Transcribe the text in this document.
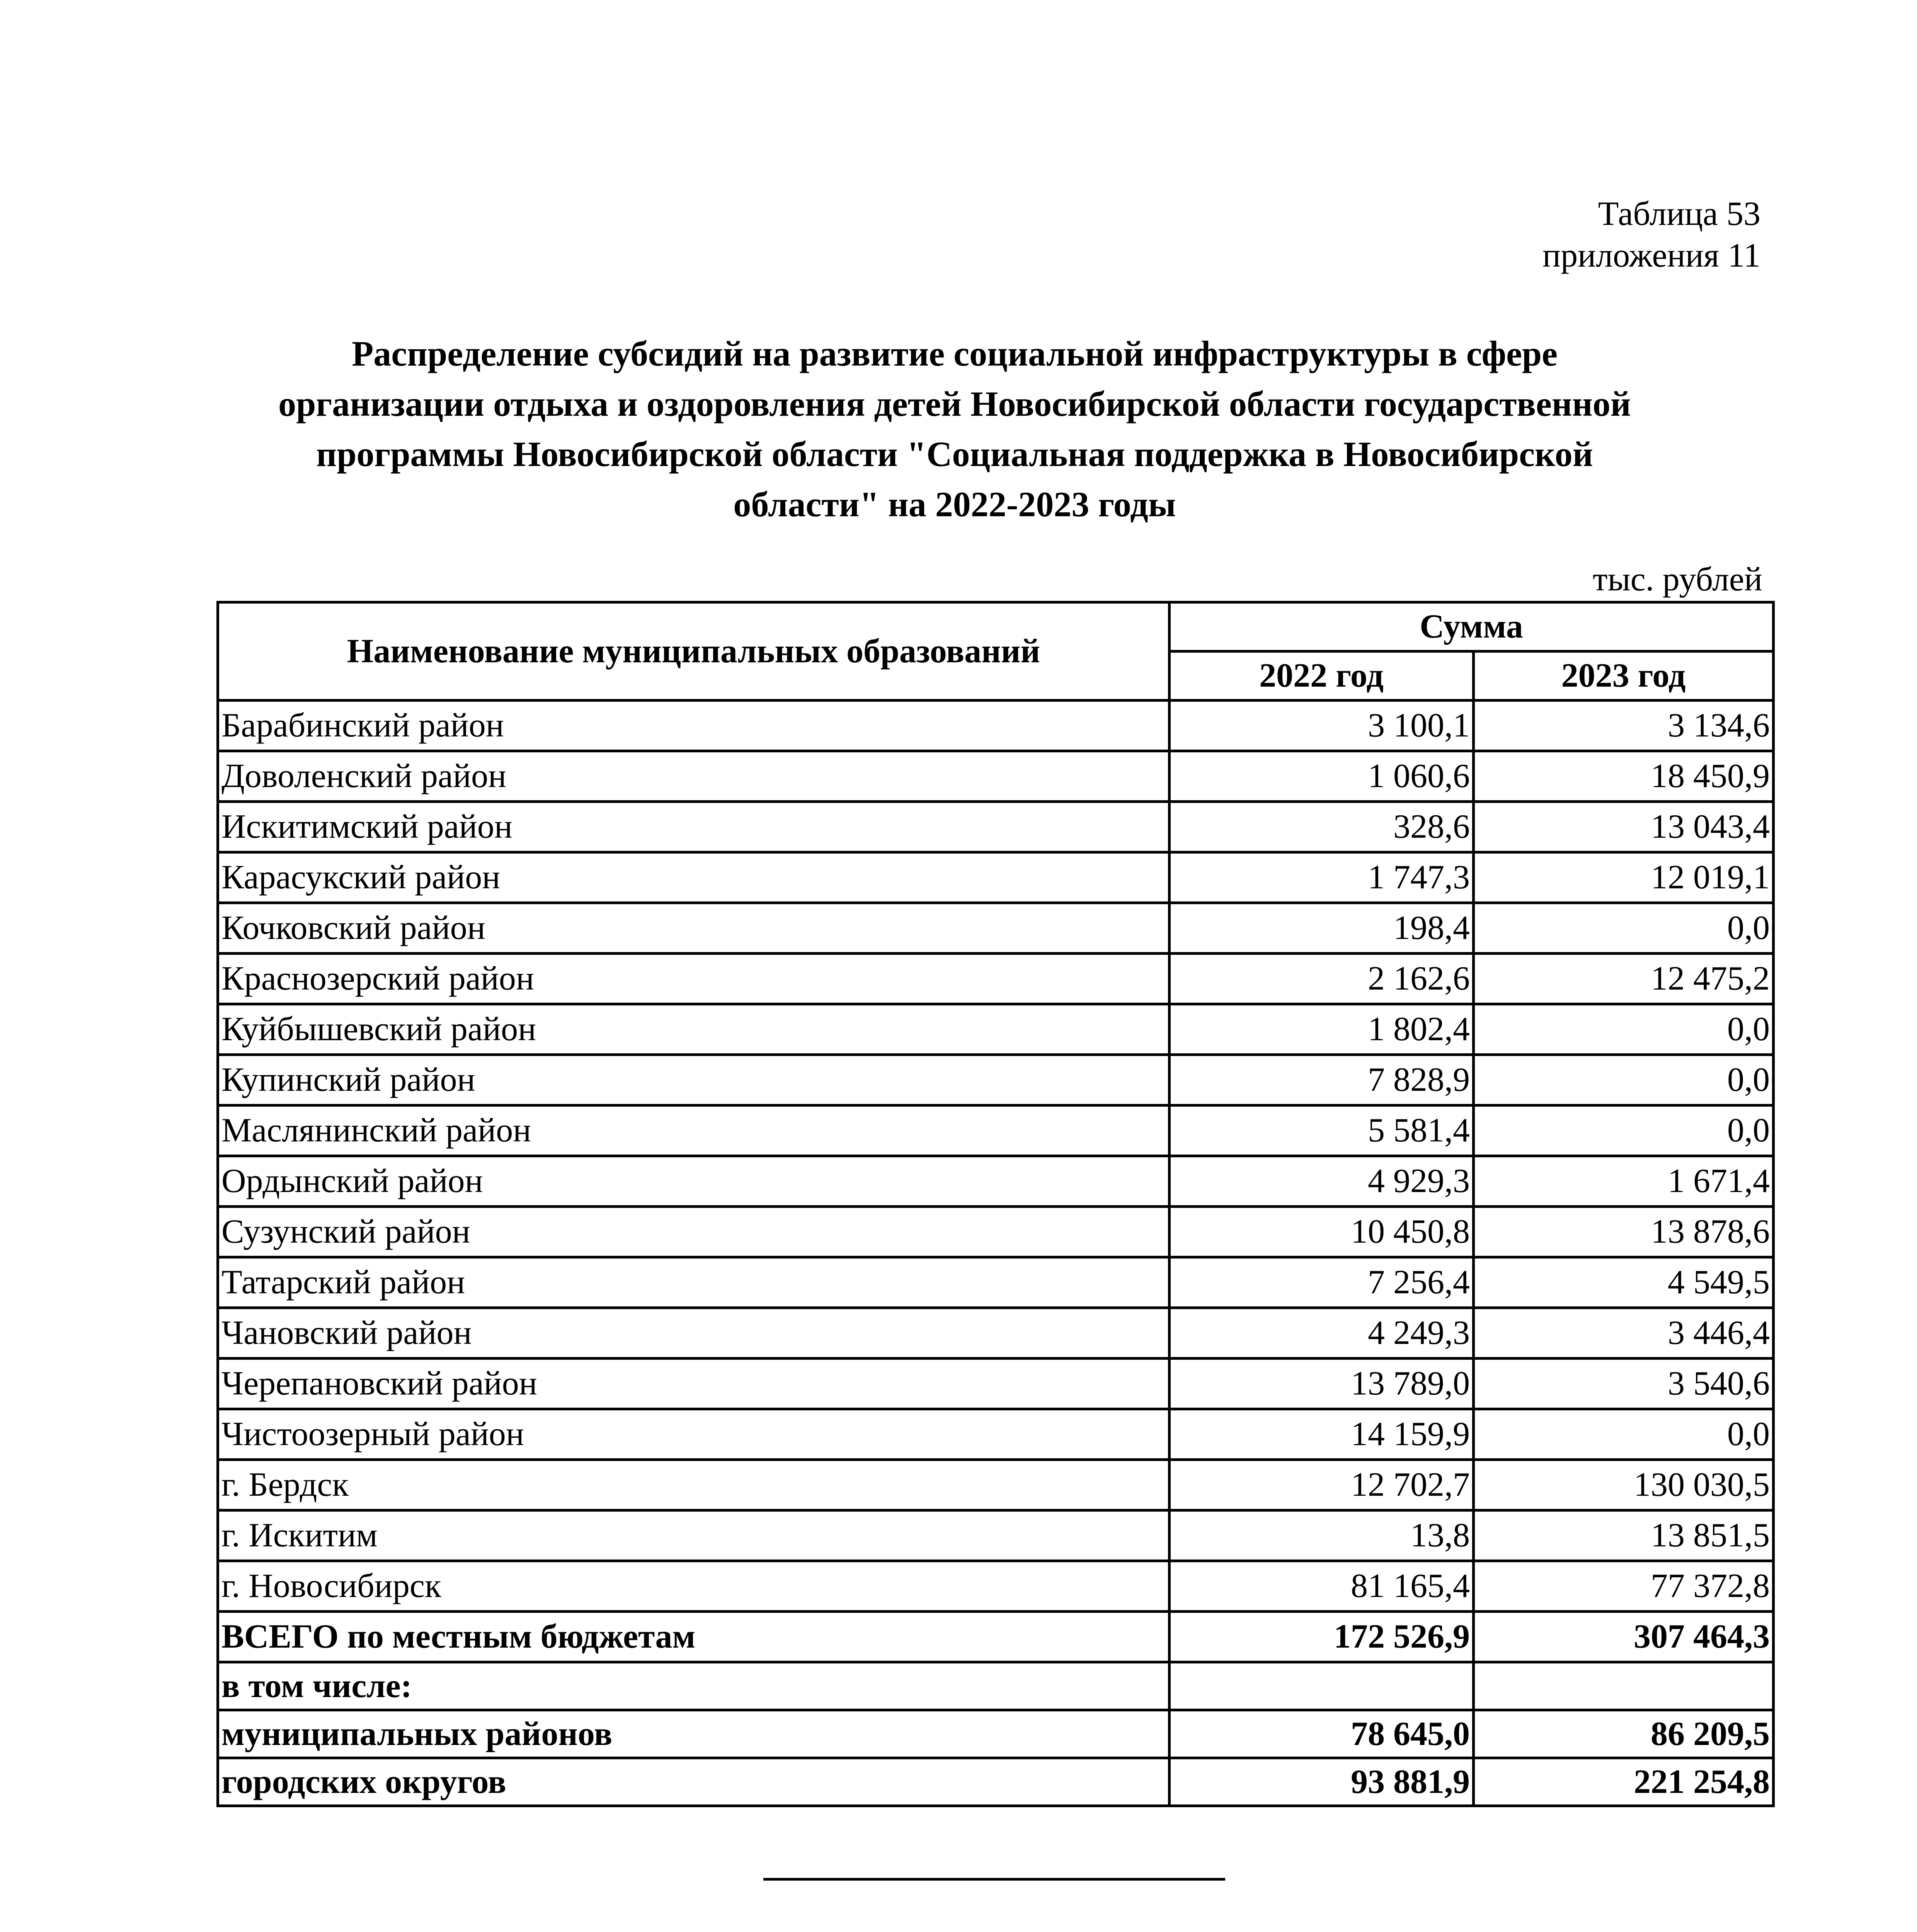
Таблица 53
приложения 11
Распределение субсидий на развитие социальной инфраструктуры в сфере
организации отдыха и оздоровления детей Новосибирской области государственной
программы Новосибирской области "Социальная поддержка в Новосибирской
области" на 2022-2023 годы
тыс. рублей
Наименование муниципальных образований	Сумма	
	2022 год	2023 год
Барабинский район	3 100,1	3 134,6
Доволенский район	1 060,6	18 450,9
Искитимский район	328,6	13 043,4
Карасукский район	1 747,3	12 019,1
Кочковский район	198,4	0,0
Краснозерский район	2 162,6	12 475,2
Куйбышевский район	1 802,4	0,0
Купинский район	7 828,9	0,0
Маслянинский район	5 581,4	0,0
Ордынский район	4 929,3	1 671,4
Сузунский район	10 450,8	13 878,6
Татарский район	7 256,4	4 549,5
Чановский район	4 249,3	3 446,4
Черепановский район	13 789,0	3 540,6
Чистоозерный район	14 159,9	0,0
г. Бердск	12 702,7	130 030,5
г. Искитим	13,8	13 851,5
г. Новосибирск	81 165,4	77 372,8
ВСЕГО по местным бюджетам	172 526,9	307 464,3
в том числе:		
муниципальных районов	78 645,0	86 209,5
городских округов	93 881,9	221 254,8
